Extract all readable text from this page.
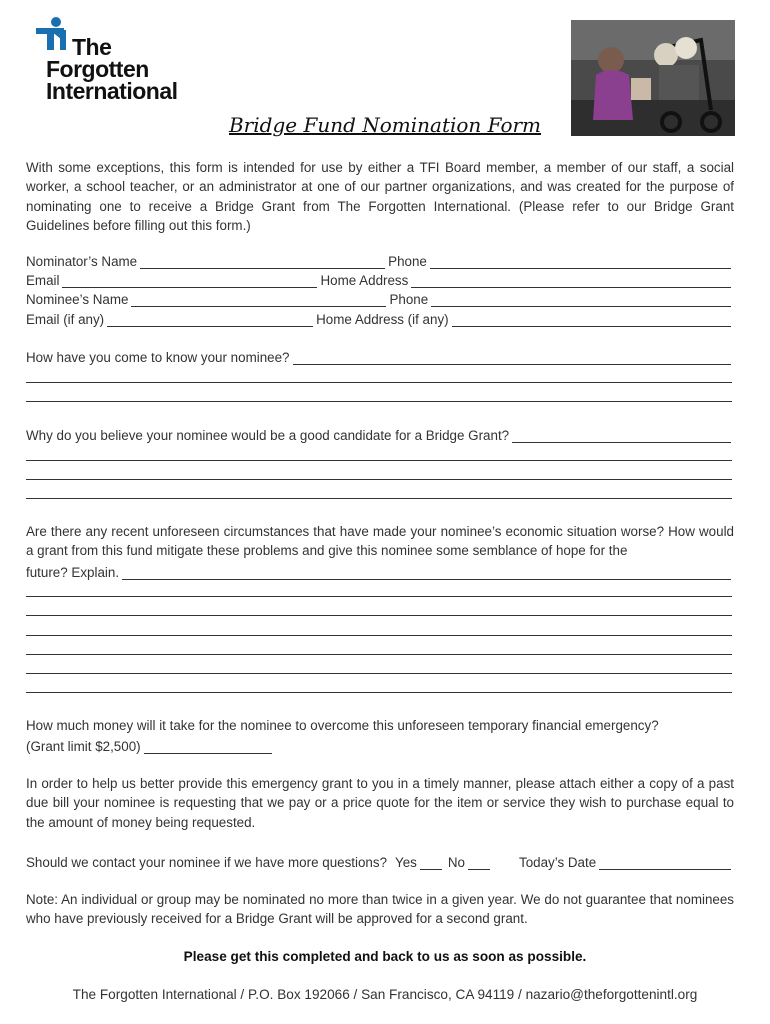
The
Forgotten
International
Bridge Fund Nomination Form
With some exceptions, this form is intended for use by either a TFI Board member, a member of our staff, a social worker, a school teacher, or an administrator at one of our partner organizations, and was created for the purpose of nominating one to receive a Bridge Grant from The Forgotten International. (Please refer to our Bridge Grant Guidelines before filling out this form.)
Nominator’s Name	Phone
Email	Home Address
Nominee’s Name	Phone
Email (if any)	Home Address (if any)
How have you come to know your nominee?
Why do you believe your nominee would be a good candidate for a Bridge Grant?
Are there any recent unforeseen circumstances that have made your nominee’s economic situation worse? How would a grant from this fund mitigate these problems and give this nominee some semblance of hope for the
future? Explain.
How much money will it take for the nominee to overcome this unforeseen temporary financial emergency?
(Grant limit $2,500)
In order to help us better provide this emergency grant to you in a timely manner, please attach either a copy of a past due bill your nominee is requesting that we pay or a price quote for the item or service they wish to purchase equal to the amount of money being requested.
Should we contact your nominee if we have more questions? Yes No	Today’s Date
Note: An individual or group may be nominated no more than twice in a given year. We do not guarantee that nominees who have previously received for a Bridge Grant will be approved for a second grant.
Please get this completed and back to us as soon as possible.
The Forgotten International / P.O. Box 192066 / San Francisco, CA 94119 / nazario@theforgottenintl.org
